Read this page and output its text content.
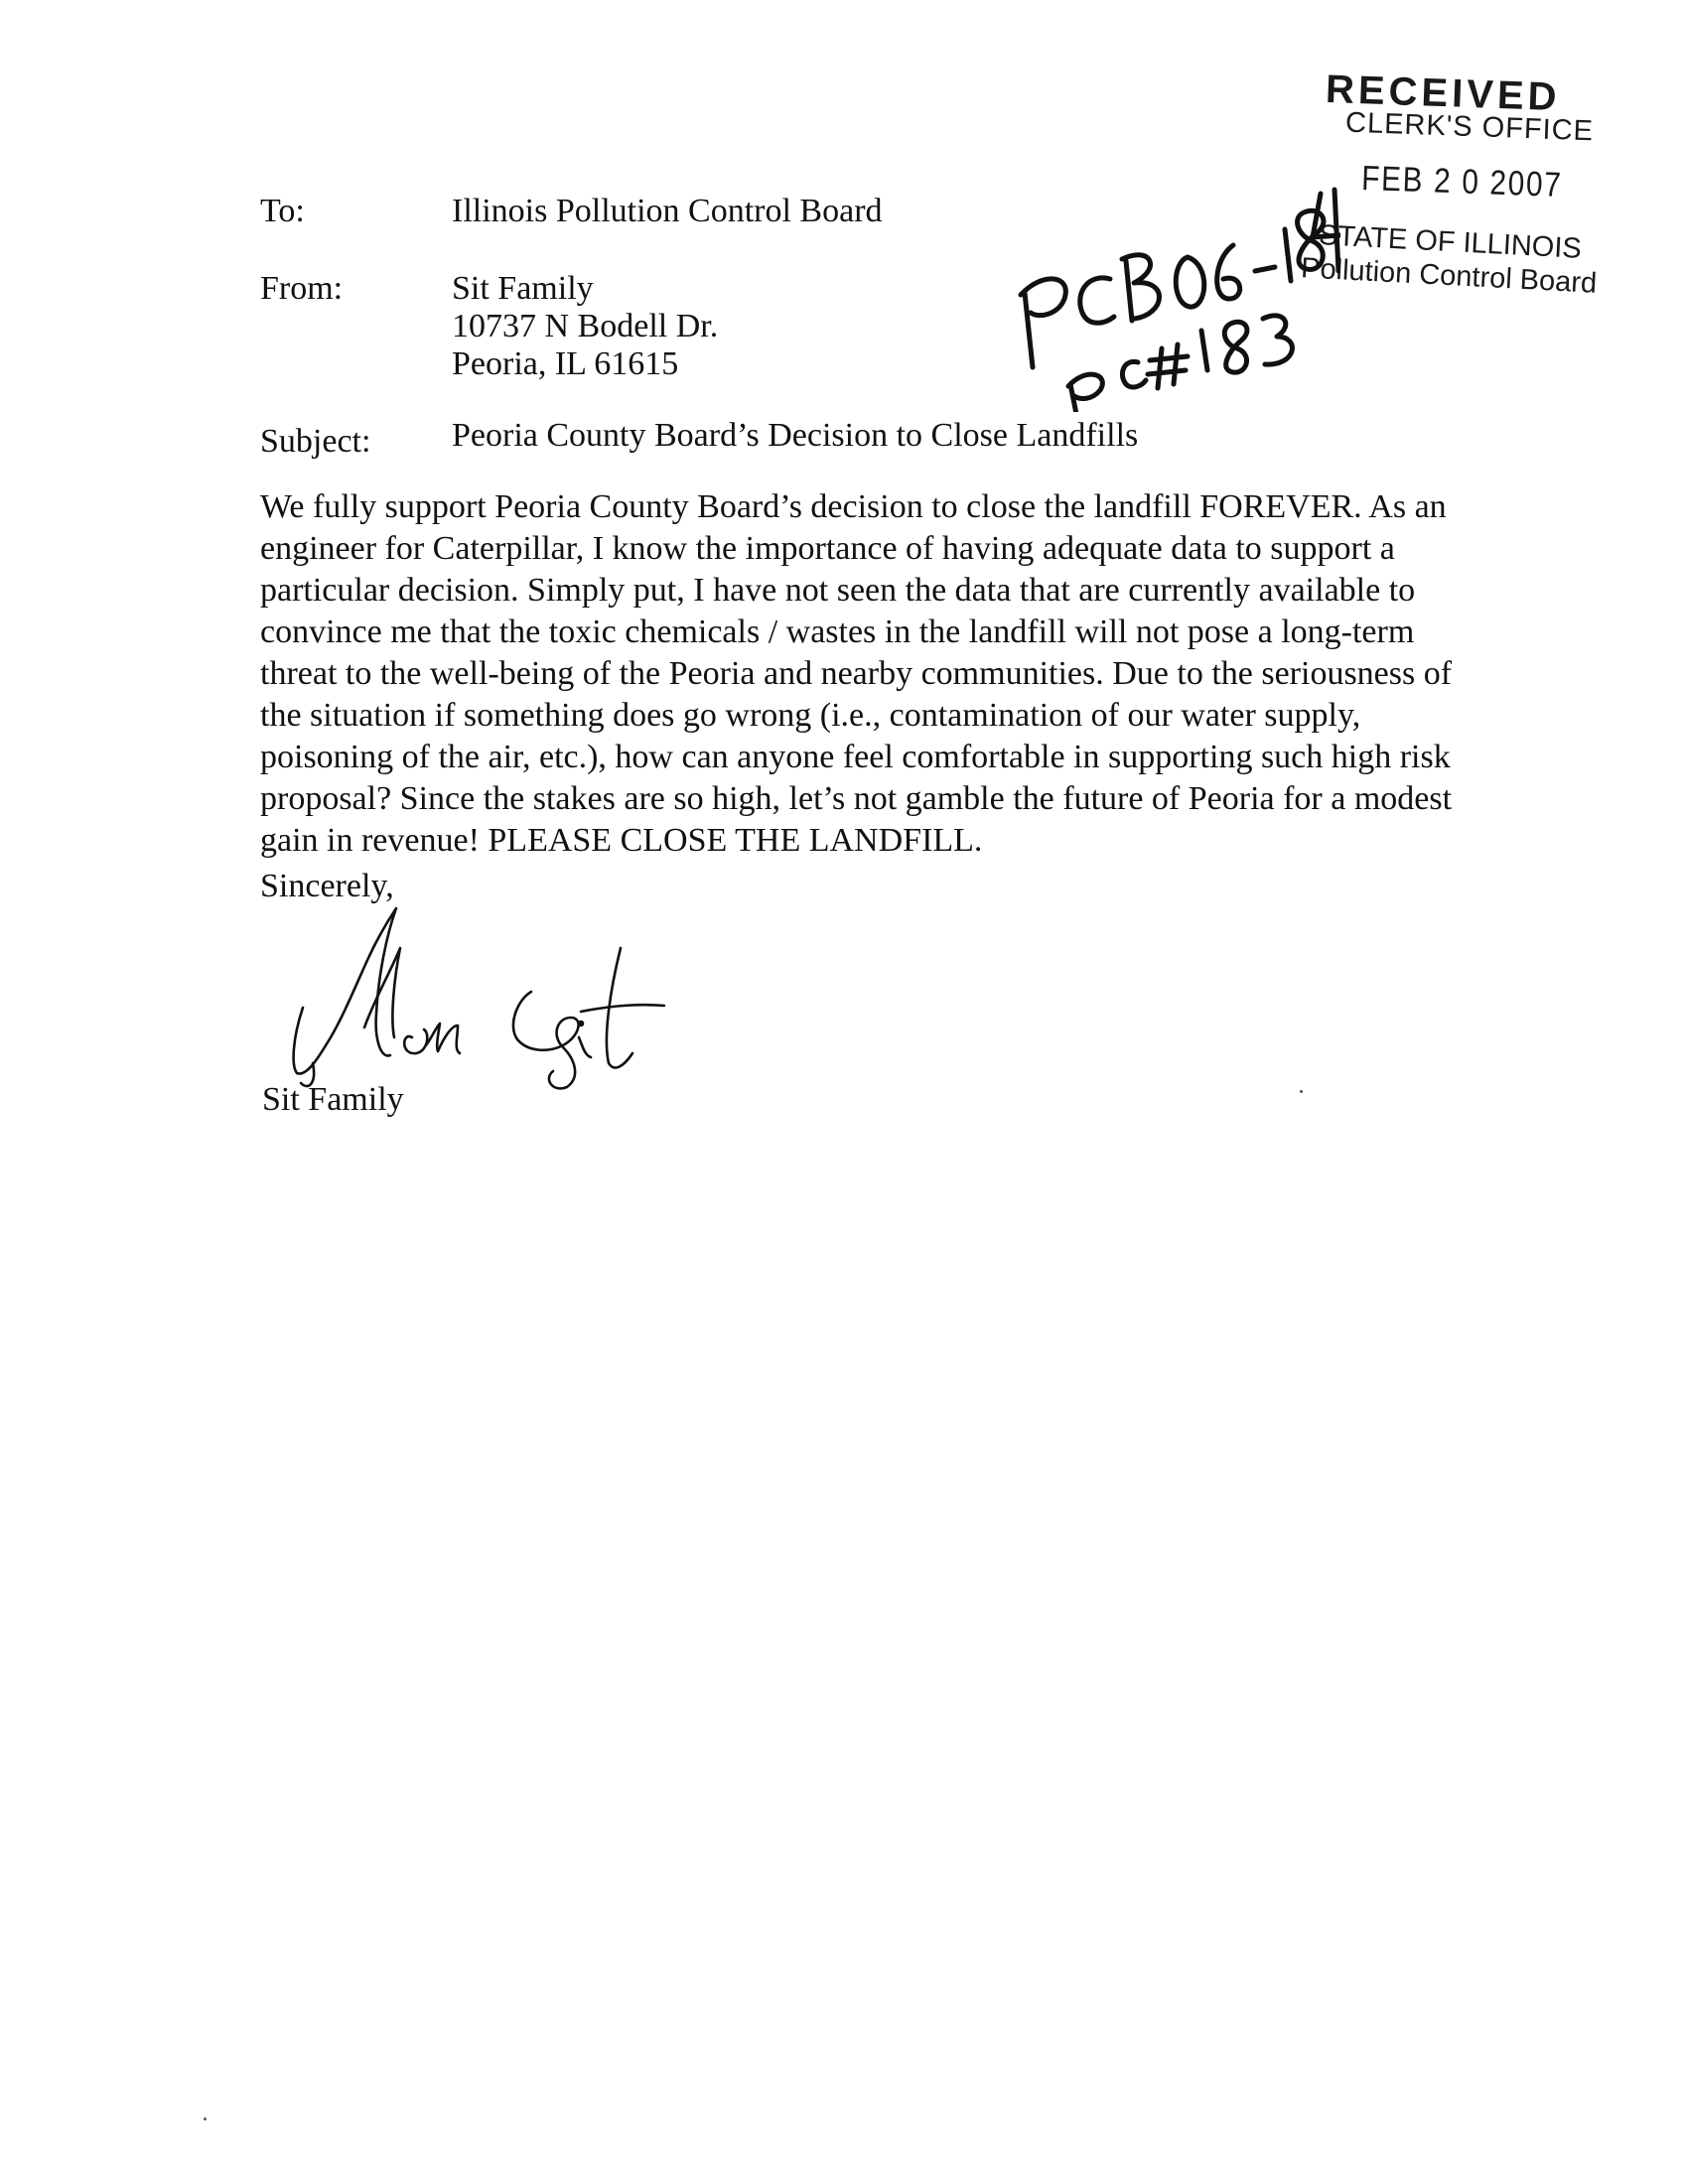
RECEIVED
CLERK'S OFFICE
FEB 2 0 2007
STATE OF ILLINOIS
Pollution Control Board
To:	Illinois Pollution Control Board
From:	Sit Family
10737 N Bodell Dr.
Peoria, IL 61615
Subject: Peoria County Board’s Decision to Close Landfills
We fully support Peoria County Board’s decision to close the landfill FOREVER. As an
engineer for Caterpillar, I know the importance of having adequate data to support a
particular decision. Simply put, I have not seen the data that are currently available to
convince me that the toxic chemicals / wastes in the landfill will not pose a long-term
threat to the well-being of the Peoria and nearby communities. Due to the seriousness of
the situation if something does go wrong (i.e., contamination of our water supply,
poisoning of the air, etc.), how can anyone feel comfortable in supporting such high risk
proposal? Since the stakes are so high, let’s not gamble the future of Peoria for a modest
gain in revenue! PLEASE CLOSE THE LANDFILL.
Sincerely,
Sit Family
